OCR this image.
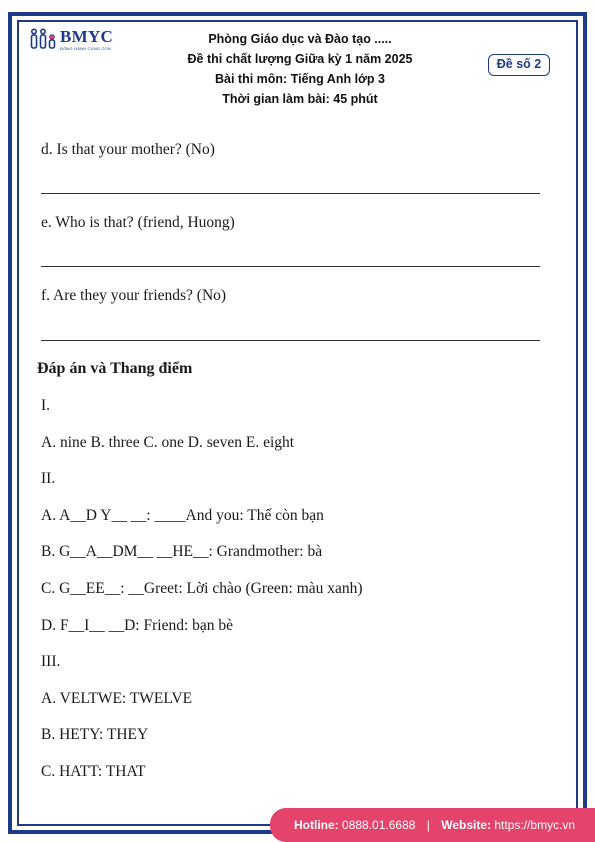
BMYC
ĐỒNG HÀNH CÙNG CON
Phòng Giáo dục và Đào tạo .....
Đề thi chất lượng Giữa kỳ 1 năm 2025
Bài thi môn: Tiếng Anh lớp 3
Thời gian làm bài: 45 phút
Đề số 2
d. Is that your mother? (No)
e. Who is that? (friend, Huong)
f. Are they your friends? (No)
Đáp án và Thang điểm
I.
A. nine B. three C. one D. seven E. eight
II.
A. A__D Y__ __: ____And you: Thế còn bạn
B. G__A__DM__ __HE__: Grandmother: bà
C. G__EE__: __Greet: Lời chào (Green: màu xanh)
D. F__I__ __D: Friend: bạn bè
III.
A. VELTWE: TWELVE
B. HETY: THEY
C. HATT: THAT
Hotline: 0888.01.6688 | Website: https://bmyc.vn
